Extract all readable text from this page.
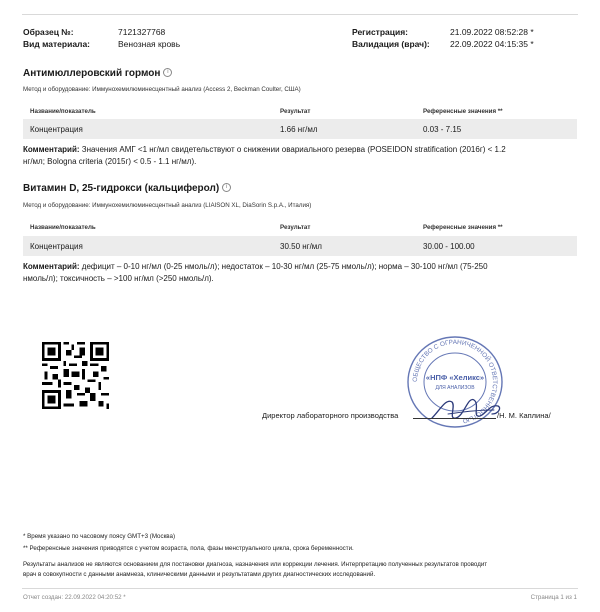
Образец №:	7121327768
Вид материала:	Венозная кровь
Регистрация:	21.09.2022 08:52:28 *
Валидация (врач): 22.09.2022 04:15:35 *
Антимюллеровский гормон i
Метод и оборудование: Иммунохемилюминесцентный анализ (Access 2, Beckman Coulter, США)
Название/показатель	Результат	Референсные значения **
Концентрация	1.66 нг/мл	0.03 - 7.15
Комментарий: Значения АМГ <1 нг/мл свидетельствуют о снижении овариального резерва (POSEIDON stratification (2016г) < 1.2
нг/мл; Bologna criteria (2015г) < 0.5 - 1.1 нг/мл).
Витамин D, 25-гидрокси (кальциферол) i
Метод и оборудование: Иммунохемилюминесцентный анализ (LIAISON XL, DiaSorin S.p.A., Италия)
Название/показатель	Результат	Референсные значения **
Концентрация	30.50 нг/мл	30.00 - 100.00
Комментарий: дефицит – 0-10 нг/мл (0-25 нмоль/л); недостаток – 10-30 нг/мл (25-75 нмоль/л); норма – 30-100 нг/мл (75-250
нмоль/л); токсичность – >100 нг/мл (>250 нмоль/л).
ОБЩЕСТВО С ОГРАНИЧЕННОЙ ОТВЕТСТВЕННОСТЬЮ
«НПФ «Хеликс»
ДЛЯ АНАЛИЗОВ
Директор лабораторного производства	/Н. М. Каплина/
* Время указано по часовому поясу GMT+3 (Москва)
** Референсные значения приводятся с учетом возраста, пола, фазы менструального цикла, срока беременности.
Результаты анализов не являются основанием для постановки диагноза, назначения или коррекции лечения. Интерпретацию полученных результатов проводит
врач в совокупности с данными анамнеза, клиническими данными и результатами других диагностических исследований.
Отчет создан: 22.09.2022 04:20:52 *	Страница 1 из 1
